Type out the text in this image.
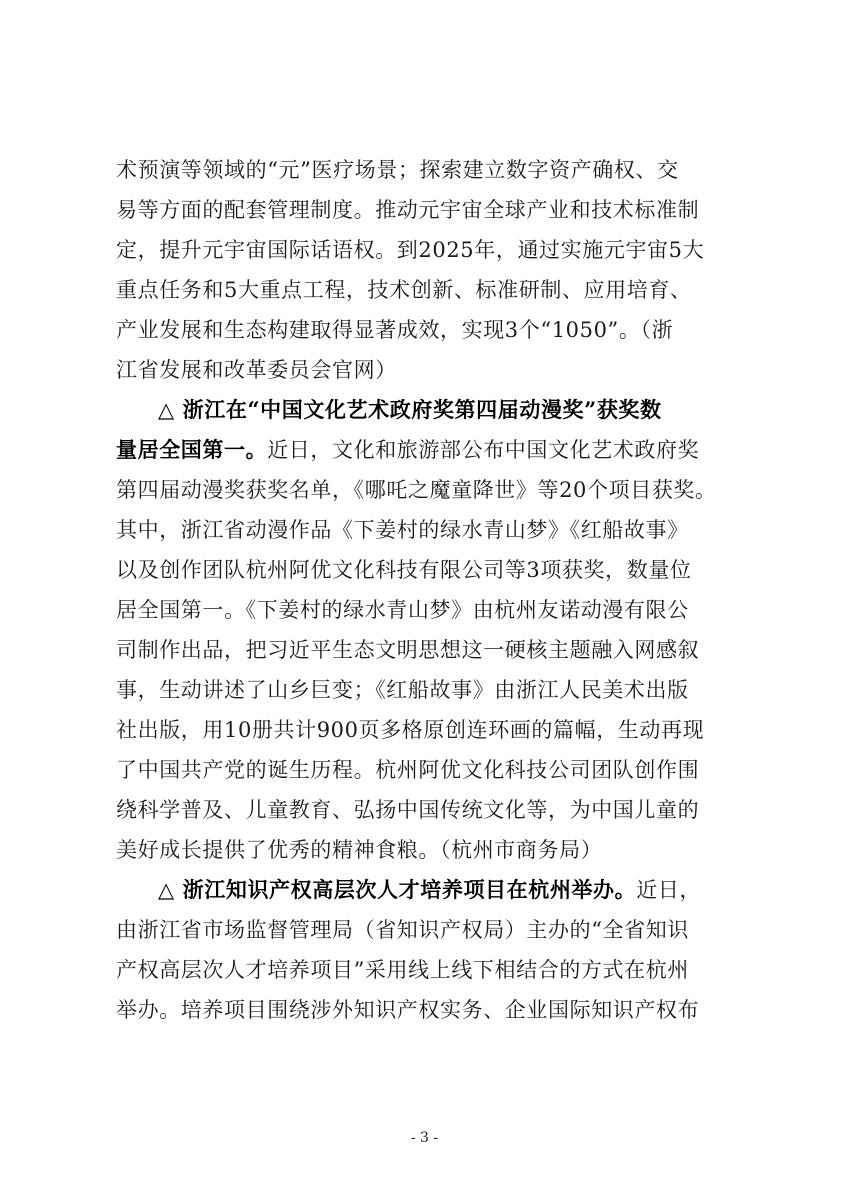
术预演等领域的“元”医疗场景；探索建立数字资产确权、交
易等方面的配套管理制度。推动元宇宙全球产业和技术标准制
定，提升元宇宙国际话语权。到2025年，通过实施元宇宙5大
重点任务和5大重点工程，技术创新、标准研制、应用培育、
产业发展和生态构建取得显著成效，实现3个“1050”。（浙
江省发展和改革委员会官网）
△ 浙江在“中国文化艺术政府奖第四届动漫奖”获奖数
量居全国第一。近日，文化和旅游部公布中国文化艺术政府奖
第四届动漫奖获奖名单，《哪吒之魔童降世》等20个项目获奖。
其中，浙江省动漫作品《下姜村的绿水青山梦》《红船故事》
以及创作团队杭州阿优文化科技有限公司等3项获奖，数量位
居全国第一。《下姜村的绿水青山梦》由杭州友诺动漫有限公
司制作出品，把习近平生态文明思想这一硬核主题融入网感叙
事，生动讲述了山乡巨变；《红船故事》由浙江人民美术出版
社出版，用10册共计900页多格原创连环画的篇幅，生动再现
了中国共产党的诞生历程。杭州阿优文化科技公司团队创作围
绕科学普及、儿童教育、弘扬中国传统文化等，为中国儿童的
美好成长提供了优秀的精神食粮。（杭州市商务局）
△ 浙江知识产权高层次人才培养项目在杭州举办。近日，
由浙江省市场监督管理局（省知识产权局）主办的“全省知识
产权高层次人才培养项目”采用线上线下相结合的方式在杭州
举办。培养项目围绕涉外知识产权实务、企业国际知识产权布
- 3 -
